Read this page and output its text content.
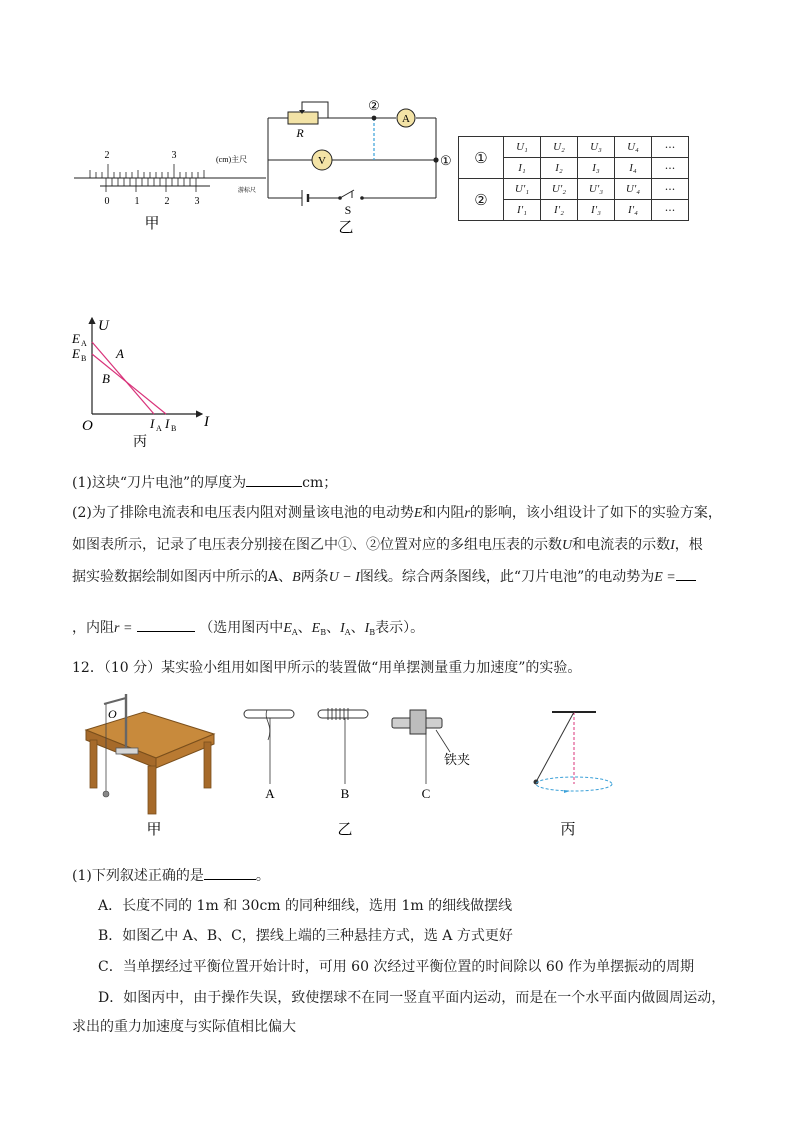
2	3
0	1	2	3
(cm)主尺
游标尺
甲
A
V
R
S
②
①
乙
①	U₁	U₂	U₃	U₄	···
	I₁	I₂	I₃	I₄	···
②	U′₁	U′₂	U′₃	U′₄	···
	I′₁	I′₂	I′₃	I′₄	···
U
I
O
E A
E B A
B
I A I B
丙
(1)这块“刀片电池”的厚度为	cm；
(2)为了排除电流表和电压表内阻对测量该电池的电动势E和内阻r的影响，该小组设计了如下的实验方案，
如图表所示，记录了电压表分别接在图乙中①、②位置对应的多组电压表的示数U和电流表的示数I，根
据实验数据绘制如图丙中所示的A、B两条U − I图线。综合两条图线，此“刀片电池”的电动势为E =
，内阻r =	（选用图丙中$E_A$、$E_B$、$I_A$、$I_B$表示）。
12．（10 分）某实验小组用如图甲所示的装置做“用单摆测量重力加速度”的实验。
O
甲
A	B
铁夹
C
乙	丙
(1)下列叙述正确的是	。
A．长度不同的 1m 和 30cm 的同种细线，选用 1m 的细线做摆线
B．如图乙中 A、B、C，摆线上端的三种悬挂方式，选 A 方式更好
C．当单摆经过平衡位置开始计时，可用 60 次经过平衡位置的时间除以 60 作为单摆振动的周期
D．如图丙中，由于操作失误，致使摆球不在同一竖直平面内运动，而是在一个水平面内做圆周运动，
求出的重力加速度与实际值相比偏大
